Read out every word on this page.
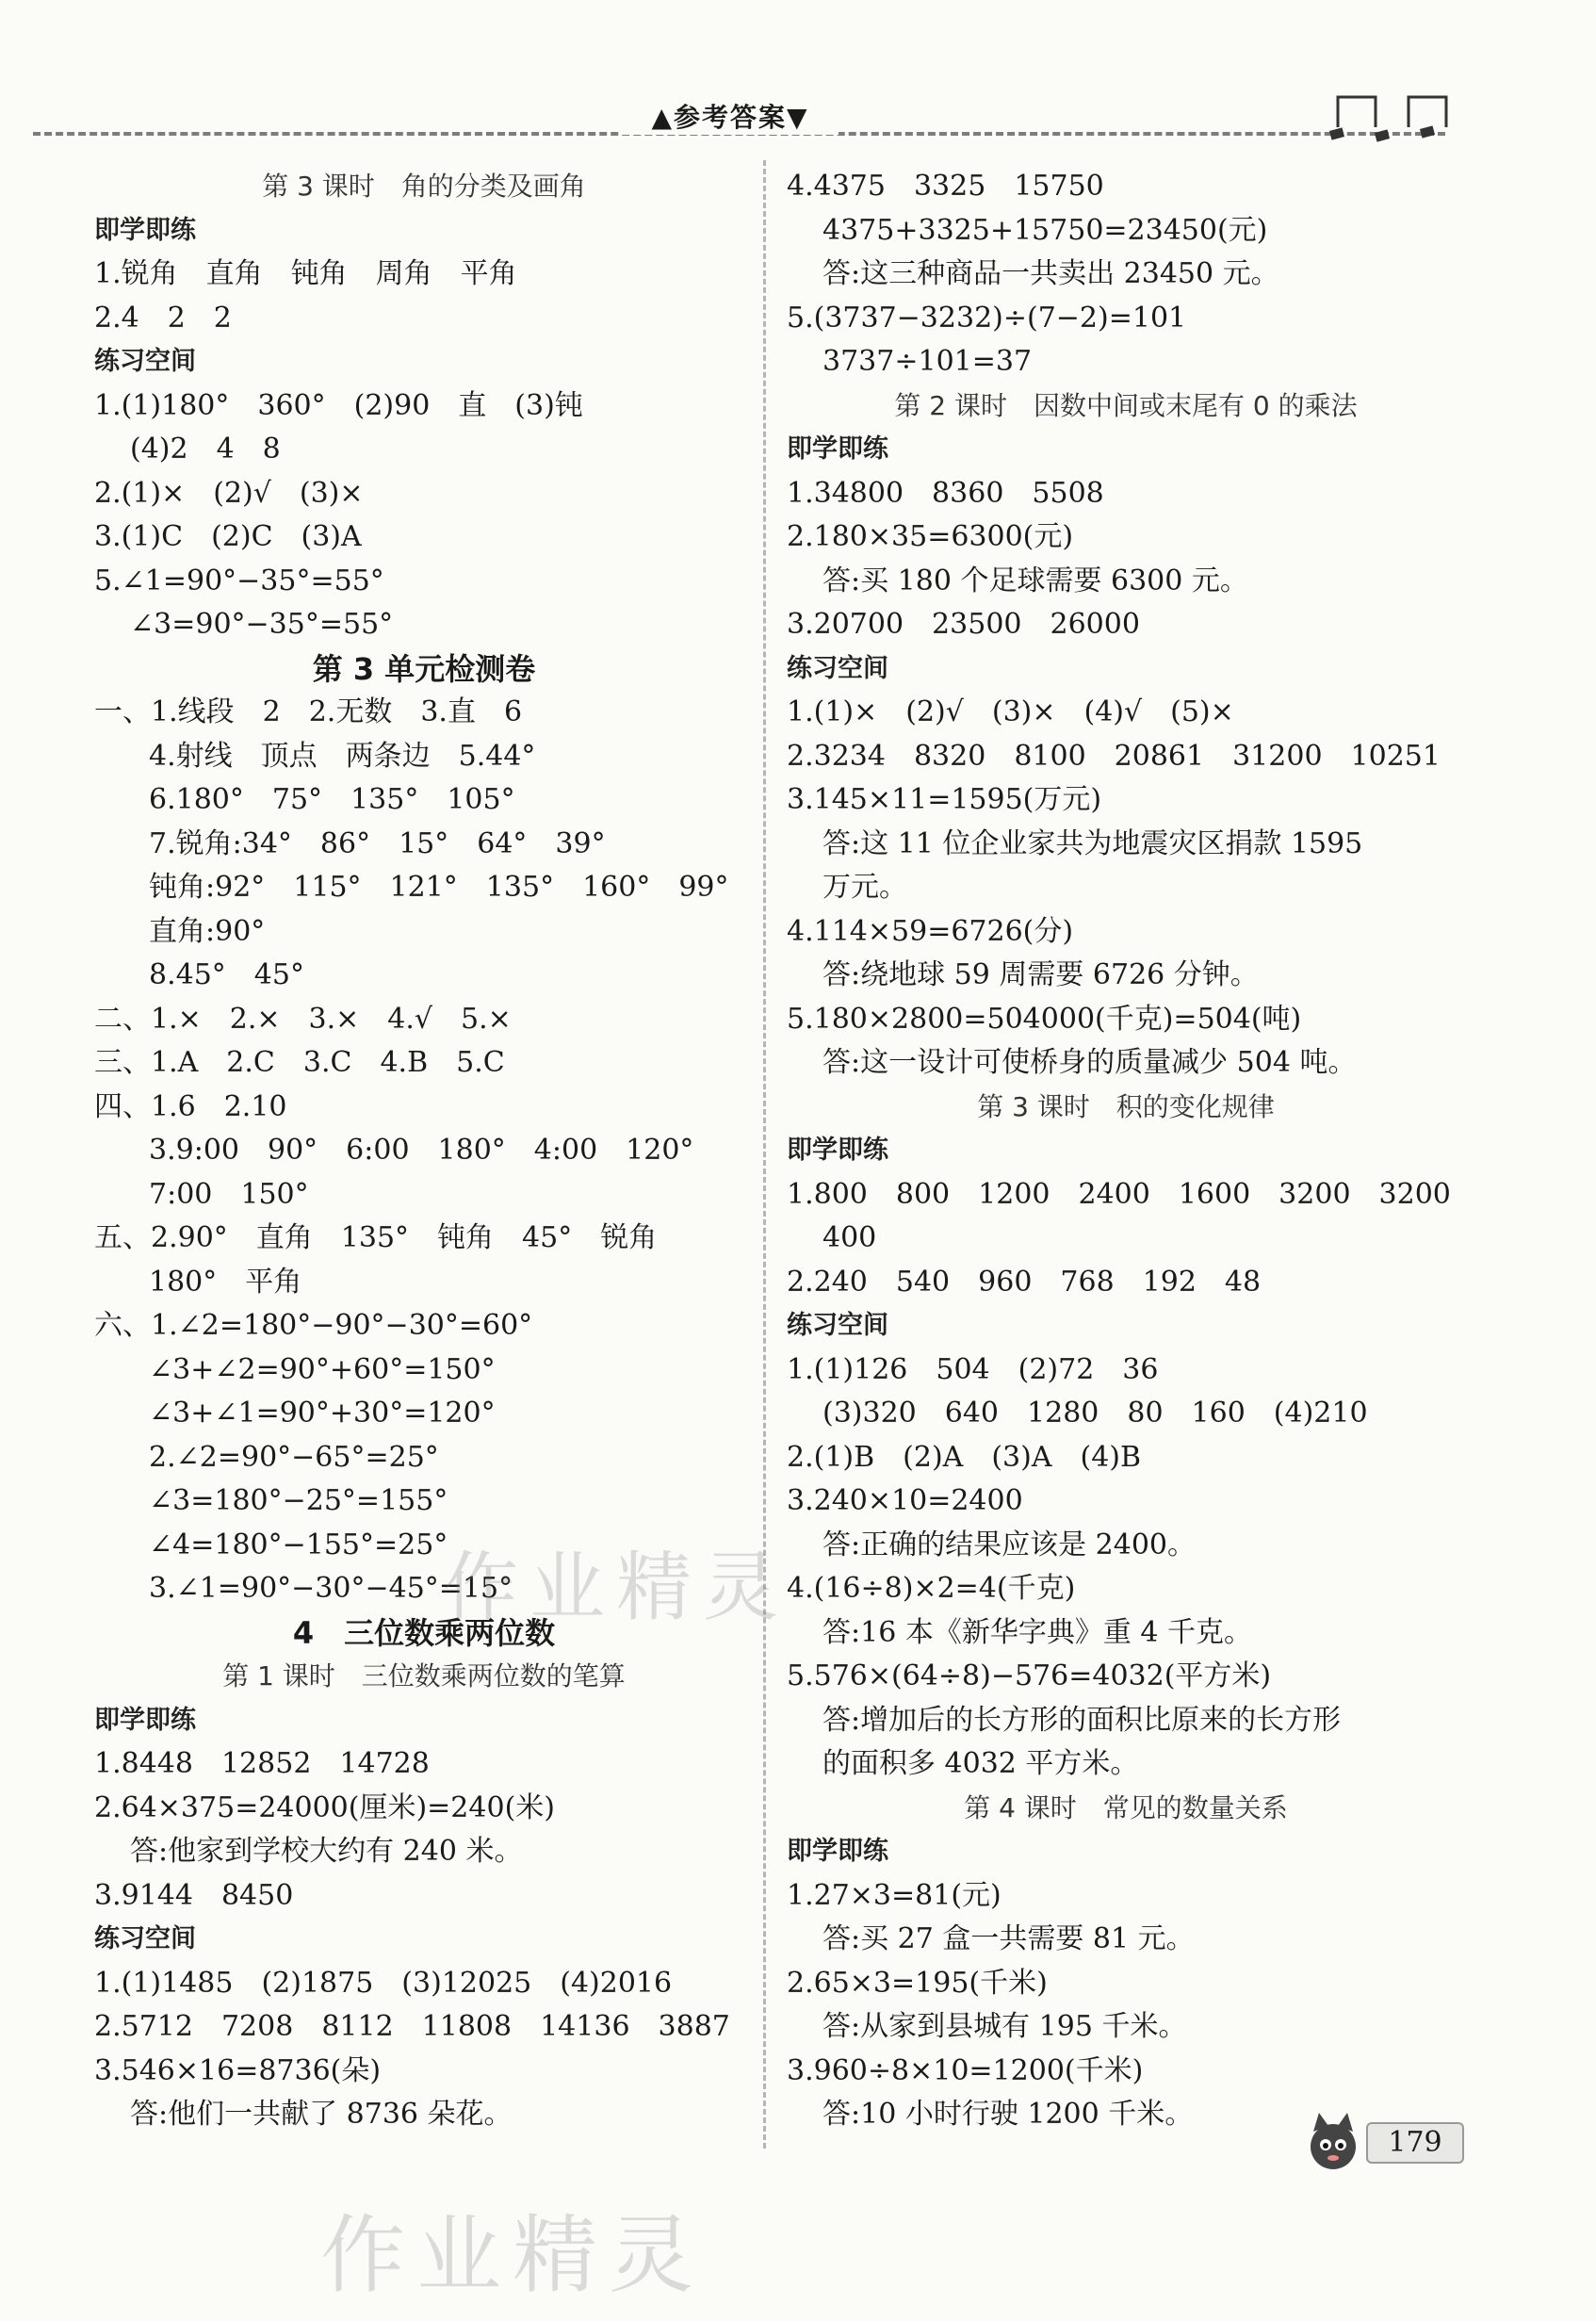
▲参考答案▼
第 3 课时　角的分类及画角
即学即练
1.锐角　直角　钝角　周角　平角
2.4　2　2
练习空间
1.(1)180°　360°　(2)90　直　(3)钝
(4)2　4　8
2.(1)×　(2)√　(3)×
3.(1)C　(2)C　(3)A
5.∠1=90°−35°=55°
∠3=90°−35°=55°
第 3 单元检测卷
一、1.线段　2　2.无数　3.直　6
4.射线　顶点　两条边　5.44°
6.180°　75°　135°　105°
7.锐角:34°　86°　15°　64°　39°
钝角:92°　115°　121°　135°　160°　99°
直角:90°
8.45°　45°
二、1.×　2.×　3.×　4.√　5.×
三、1.A　2.C　3.C　4.B　5.C
四、1.6　2.10
3.9:00　90°　6:00　180°　4:00　120°
7:00　150°
五、2.90°　直角　135°　钝角　45°　锐角
180°　平角
六、1.∠2=180°−90°−30°=60°
∠3+∠2=90°+60°=150°
∠3+∠1=90°+30°=120°
2.∠2=90°−65°=25°
∠3=180°−25°=155°
∠4=180°−155°=25°
3.∠1=90°−30°−45°=15°
4　三位数乘两位数
第 1 课时　三位数乘两位数的笔算
即学即练
1.8448　12852　14728
2.64×375=24000(厘米)=240(米)
答:他家到学校大约有 240 米。
3.9144　8450
练习空间
1.(1)1485　(2)1875　(3)12025　(4)2016
2.5712　7208　8112　11808　14136　3887
3.546×16=8736(朵)
答:他们一共献了 8736 朵花。
4.4375　3325　15750
4375+3325+15750=23450(元)
答:这三种商品一共卖出 23450 元。
5.(3737−3232)÷(7−2)=101
3737÷101=37
第 2 课时　因数中间或末尾有 0 的乘法
即学即练
1.34800　8360　5508
2.180×35=6300(元)
答:买 180 个足球需要 6300 元。
3.20700　23500　26000
练习空间
1.(1)×　(2)√　(3)×　(4)√　(5)×
2.3234　8320　8100　20861　31200　10251
3.145×11=1595(万元)
答:这 11 位企业家共为地震灾区捐款 1595
万元。
4.114×59=6726(分)
答:绕地球 59 周需要 6726 分钟。
5.180×2800=504000(千克)=504(吨)
答:这一设计可使桥身的质量减少 504 吨。
第 3 课时　积的变化规律
即学即练
1.800　800　1200　2400　1600　3200　3200
400
2.240　540　960　768　192　48
练习空间
1.(1)126　504　(2)72　36
(3)320　640　1280　80　160　(4)210
2.(1)B　(2)A　(3)A　(4)B
3.240×10=2400
答:正确的结果应该是 2400。
4.(16÷8)×2=4(千克)
答:16 本《新华字典》重 4 千克。
5.576×(64÷8)−576=4032(平方米)
答:增加后的长方形的面积比原来的长方形
的面积多 4032 平方米。
第 4 课时　常见的数量关系
即学即练
1.27×3=81(元)
答:买 27 盒一共需要 81 元。
2.65×3=195(千米)
答:从家到县城有 195 千米。
3.960÷8×10=1200(千米)
答:10 小时行驶 1200 千米。
作业精灵
作业精灵
179
